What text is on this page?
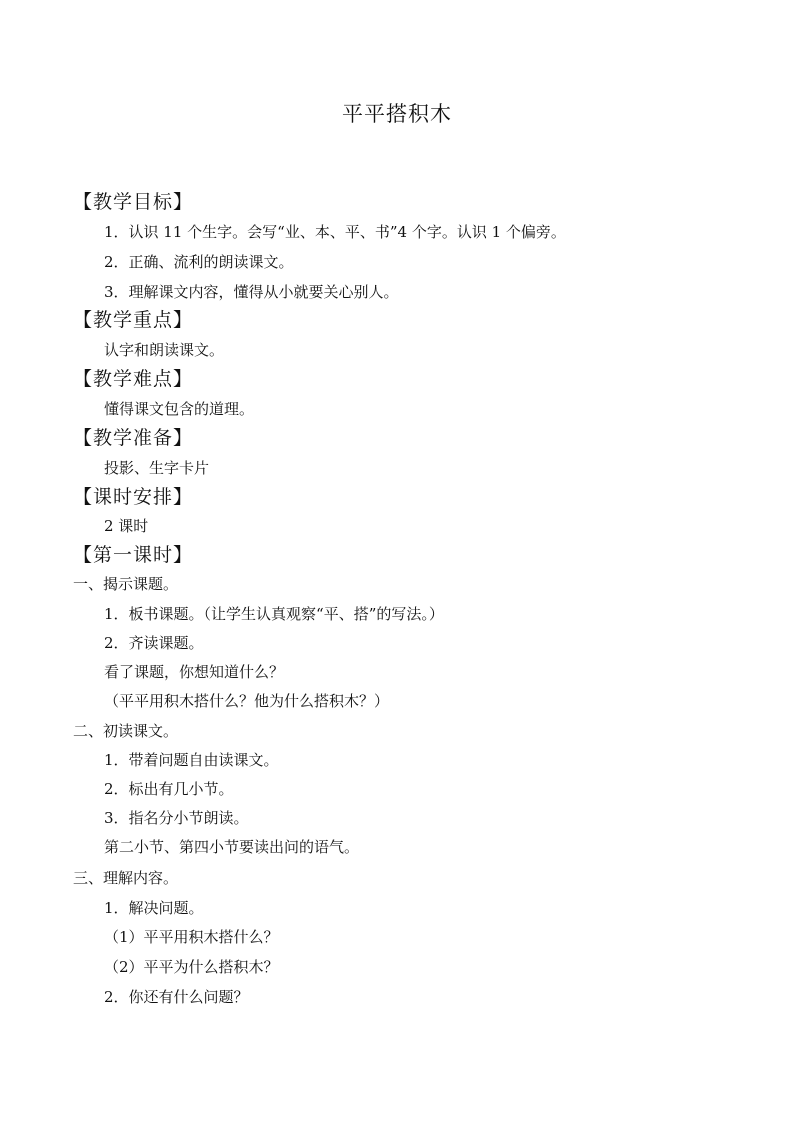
平平搭积木
【教学目标】
1．认识 11 个生字。会写“业、本、平、书”4 个字。认识 1 个偏旁。
2．正确、流利的朗读课文。
3．理解课文内容，懂得从小就要关心别人。
【教学重点】
认字和朗读课文。
【教学难点】
懂得课文包含的道理。
【教学准备】
投影、生字卡片
【课时安排】
2 课时
【第一课时】
一、揭示课题。
1．板书课题。（让学生认真观察“平、搭”的写法。）
2．齐读课题。
看了课题，你想知道什么？
（平平用积木搭什么？他为什么搭积木？）
二、初读课文。
1．带着问题自由读课文。
2．标出有几小节。
3．指名分小节朗读。
第二小节、第四小节要读出问的语气。
三、理解内容。
1．解决问题。
（1）平平用积木搭什么？
（2）平平为什么搭积木？
2．你还有什么问题？
